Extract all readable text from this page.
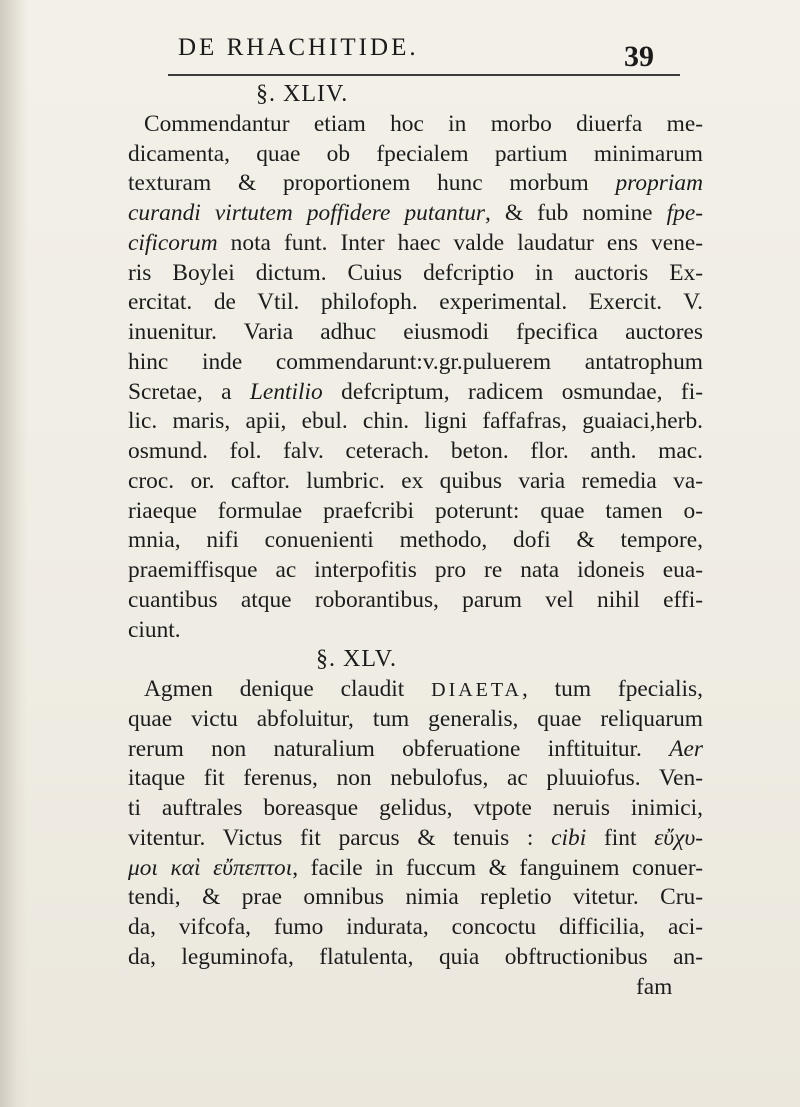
DE RHACHITIDE.	39
§. XLIV.
Commendantur etiam hoc in morbo diuerfa me-
dicamenta, quae ob fpecialem partium minimarum
texturam & proportionem hunc morbum propriam
curandi virtutem poffidere putantur, & fub nomine fpe-
cificorum nota funt. Inter haec valde laudatur ens vene-
ris Boylei dictum. Cuius defcriptio in auctoris Ex-
ercitat. de Vtil. philofoph. experimental. Exercit. V.
inuenitur. Varia adhuc eiusmodi fpecifica auctores
hinc inde commendarunt:v.gr.puluerem antatrophum
Scretae, a Lentilio defcriptum, radicem osmundae, fi-
lic. maris, apii, ebul. chin. ligni faffafras, guaiaci,herb.
osmund. fol. falv. ceterach. beton. flor. anth. mac.
croc. or. caftor. lumbric. ex quibus varia remedia va-
riaeque formulae praefcribi poterunt: quae tamen o-
mnia, nifi conuenienti methodo, dofi & tempore,
praemiffisque ac interpofitis pro re nata idoneis eua-
cuantibus atque roborantibus, parum vel nihil effi-
ciunt.
§. XLV.
Agmen denique claudit DIAETA, tum fpecialis,
quae victu abfoluitur, tum generalis, quae reliquarum
rerum non naturalium obferuatione inftituitur. Aer
itaque fit ferenus, non nebulofus, ac pluuiofus. Ven-
ti auftrales boreasque gelidus, vtpote neruis inimici,
vitentur. Victus fit parcus & tenuis : cibi fint εὔχυ-
μοι καὶ εὔπεπτοι, facile in fuccum & fanguinem conuer-
tendi, & prae omnibus nimia repletio vitetur. Cru-
da, vifcofa, fumo indurata, concoctu difficilia, aci-
da, leguminofa, flatulenta, quia obftructionibus an-
fam
